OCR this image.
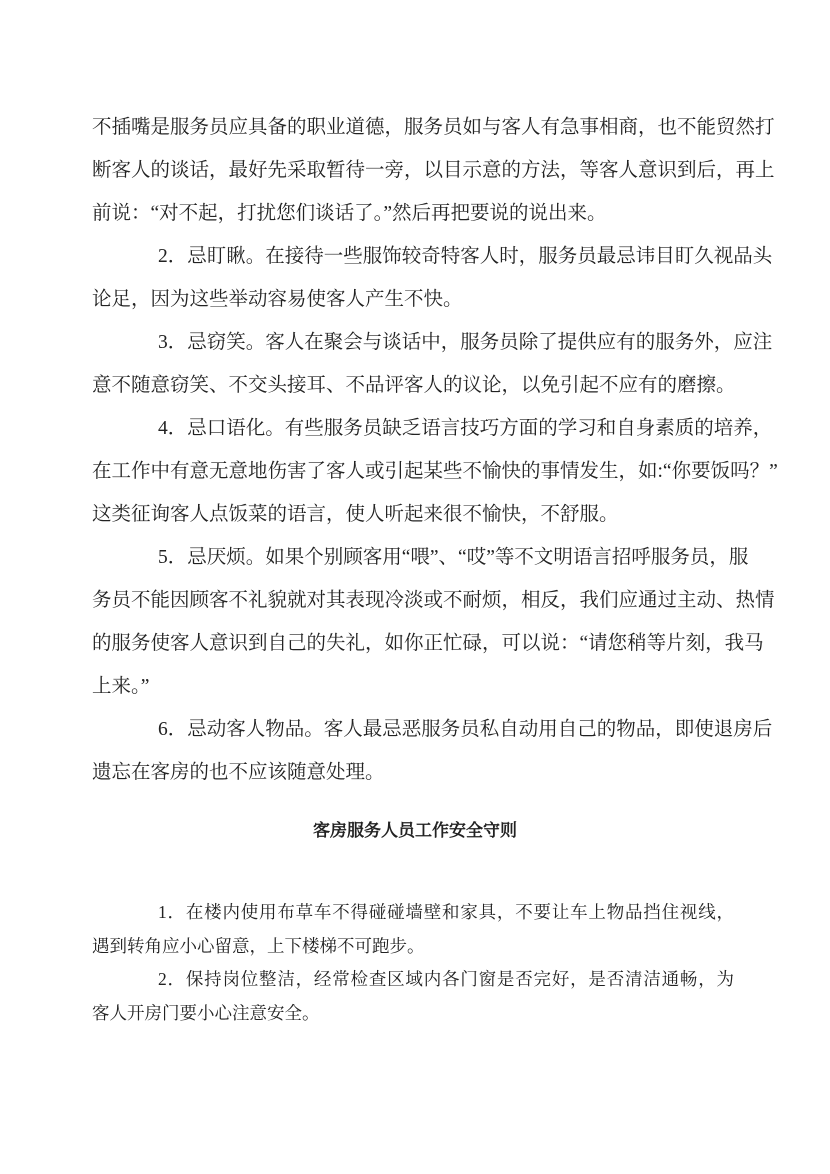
不插嘴是服务员应具备的职业道德，服务员如与客人有急事相商，也不能贸然打
断客人的谈话，最好先采取暂待一旁，以目示意的方法，等客人意识到后，再上
前说：“对不起，打扰您们谈话了。”然后再把要说的说出来。
2．忌盯瞅。在接待一些服饰较奇特客人时，服务员最忌讳目盯久视品头
论足，因为这些举动容易使客人产生不快。
3．忌窃笑。客人在聚会与谈话中，服务员除了提供应有的服务外，应注
意不随意窃笑、不交头接耳、不品评客人的议论，以免引起不应有的磨擦。
4．忌口语化。有些服务员缺乏语言技巧方面的学习和自身素质的培养，
在工作中有意无意地伤害了客人或引起某些不愉快的事情发生，如:“你要饭吗？”
这类征询客人点饭菜的语言，使人听起来很不愉快，不舒服。
5．忌厌烦。如果个别顾客用“喂”、“哎”等不文明语言招呼服务员，服
务员不能因顾客不礼貌就对其表现冷淡或不耐烦，相反，我们应通过主动、热情
的服务使客人意识到自己的失礼，如你正忙碌，可以说：“请您稍等片刻，我马
上来。”
6．忌动客人物品。客人最忌恶服务员私自动用自己的物品，即使退房后
遗忘在客房的也不应该随意处理。
客房服务人员工作安全守则
1．在楼内使用布草车不得碰碰墙壁和家具，不要让车上物品挡住视线，
遇到转角应小心留意，上下楼梯不可跑步。
2．保持岗位整洁，经常检查区域内各门窗是否完好，是否清洁通畅，为
客人开房门要小心注意安全。
